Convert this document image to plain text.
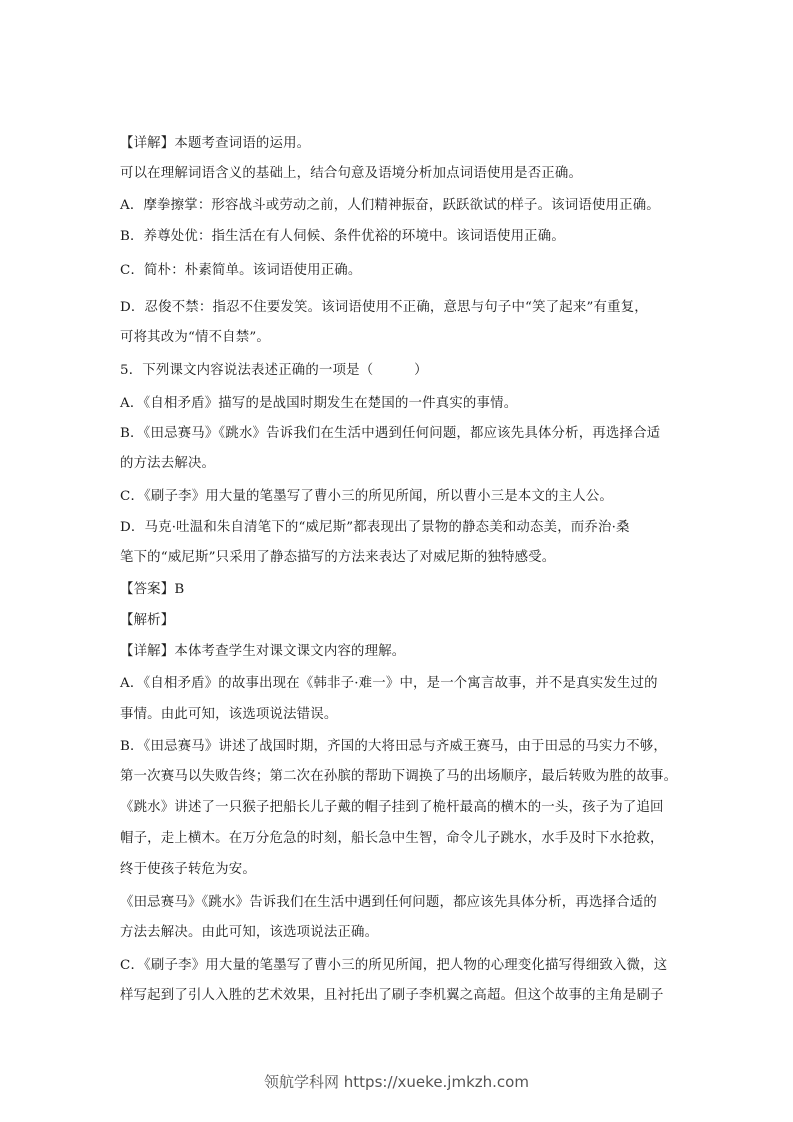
【详解】本题考查词语的运用。
可以在理解词语含义的基础上，结合句意及语境分析加点词语使用是否正确。
A．摩拳擦掌：形容战斗或劳动之前，人们精神振奋，跃跃欲试的样子。该词语使用正确。
B．养尊处优：指生活在有人伺候、条件优裕的环境中。该词语使用正确。
C．简朴：朴素简单。该词语使用正确。
D．忍俊不禁：指忍不住要发笑。该词语使用不正确，意思与句子中“笑了起来”有重复，
可将其改为“情不自禁”。
5．下列课文内容说法表述正确的一项是（　　　）
A．《自相矛盾》描写的是战国时期发生在楚国的一件真实的事情。
B．《田忌赛马》《跳水》告诉我们在生活中遇到任何问题，都应该先具体分析，再选择合适
的方法去解决。
C．《刷子李》用大量的笔墨写了曹小三的所见所闻，所以曹小三是本文的主人公。
D．马克·吐温和朱自清笔下的“威尼斯”都表现出了景物的静态美和动态美，而乔治·桑
笔下的“威尼斯”只采用了静态描写的方法来表达了对威尼斯的独特感受。
【答案】B
【解析】
【详解】本体考查学生对课文课文内容的理解。
A．《自相矛盾》的故事出现在《韩非子·难一》中，是一个寓言故事，并不是真实发生过的
事情。由此可知，该选项说法错误。
B．《田忌赛马》讲述了战国时期，齐国的大将田忌与齐威王赛马，由于田忌的马实力不够，
第一次赛马以失败告终；第二次在孙膑的帮助下调换了马的出场顺序，最后转败为胜的故事。
《跳水》讲述了一只猴子把船长儿子戴的帽子挂到了桅杆最高的横木的一头，孩子为了追回
帽子，走上横木。在万分危急的时刻，船长急中生智，命令儿子跳水，水手及时下水抢救，
终于使孩子转危为安。
《田忌赛马》《跳水》告诉我们在生活中遇到任何问题，都应该先具体分析，再选择合适的
方法去解决。由此可知，该选项说法正确。
C．《刷子李》用大量的笔墨写了曹小三的所见所闻，把人物的心理变化描写得细致入微，这
样写起到了引人入胜的艺术效果，且衬托出了刷子李机翼之高超。但这个故事的主角是刷子
领航学科网 https://xueke.jmkzh.com
